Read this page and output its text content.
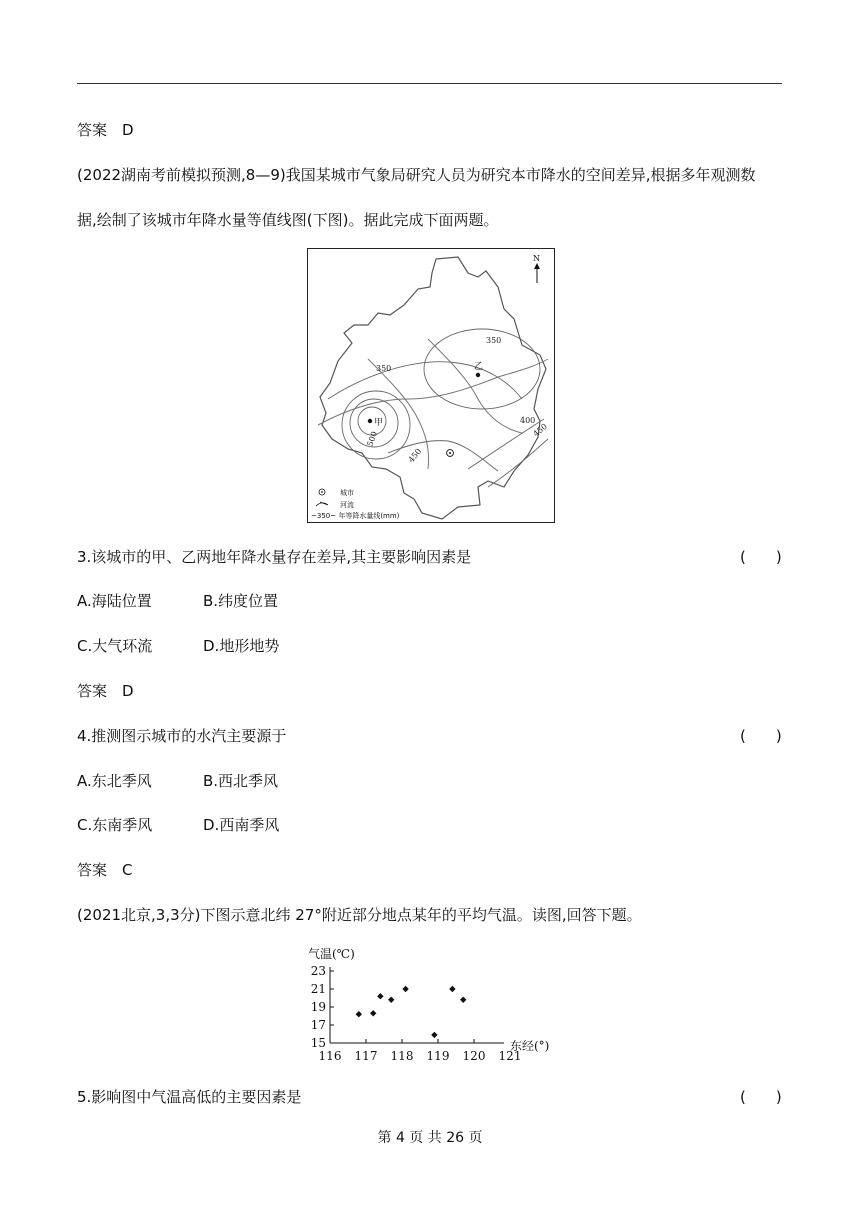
答案　D
(2022湖南考前模拟预测,8—9)我国某城市气象局研究人员为研究本市降水的空间差异,根据多年观测数
据,绘制了该城市年降水量等值线图(下图)。据此完成下面两题。
350
350
500
450
400
450
乙
甲
N
城市
河流
~350~ 年等降水量线(mm)
3.该城市的甲、乙两地年降水量存在差异,其主要影响因素是	(　　)
A.海陆位置	B.纬度位置
C.大气环流	D.地形地势
答案　D
4.推测图示城市的水汽主要源于	(　　)
A.东北季风	B.西北季风
C.东南季风	D.西南季风
答案　C
(2021北京,3,3分)下图示意北纬 27°附近部分地点某年的平均气温。读图,回答下题。
气温(℃)
东经(°)
15
17
19
21
23
116 117 118 119 120 121
5.影响图中气温高低的主要因素是	(　　)
第 4 页 共 26 页
